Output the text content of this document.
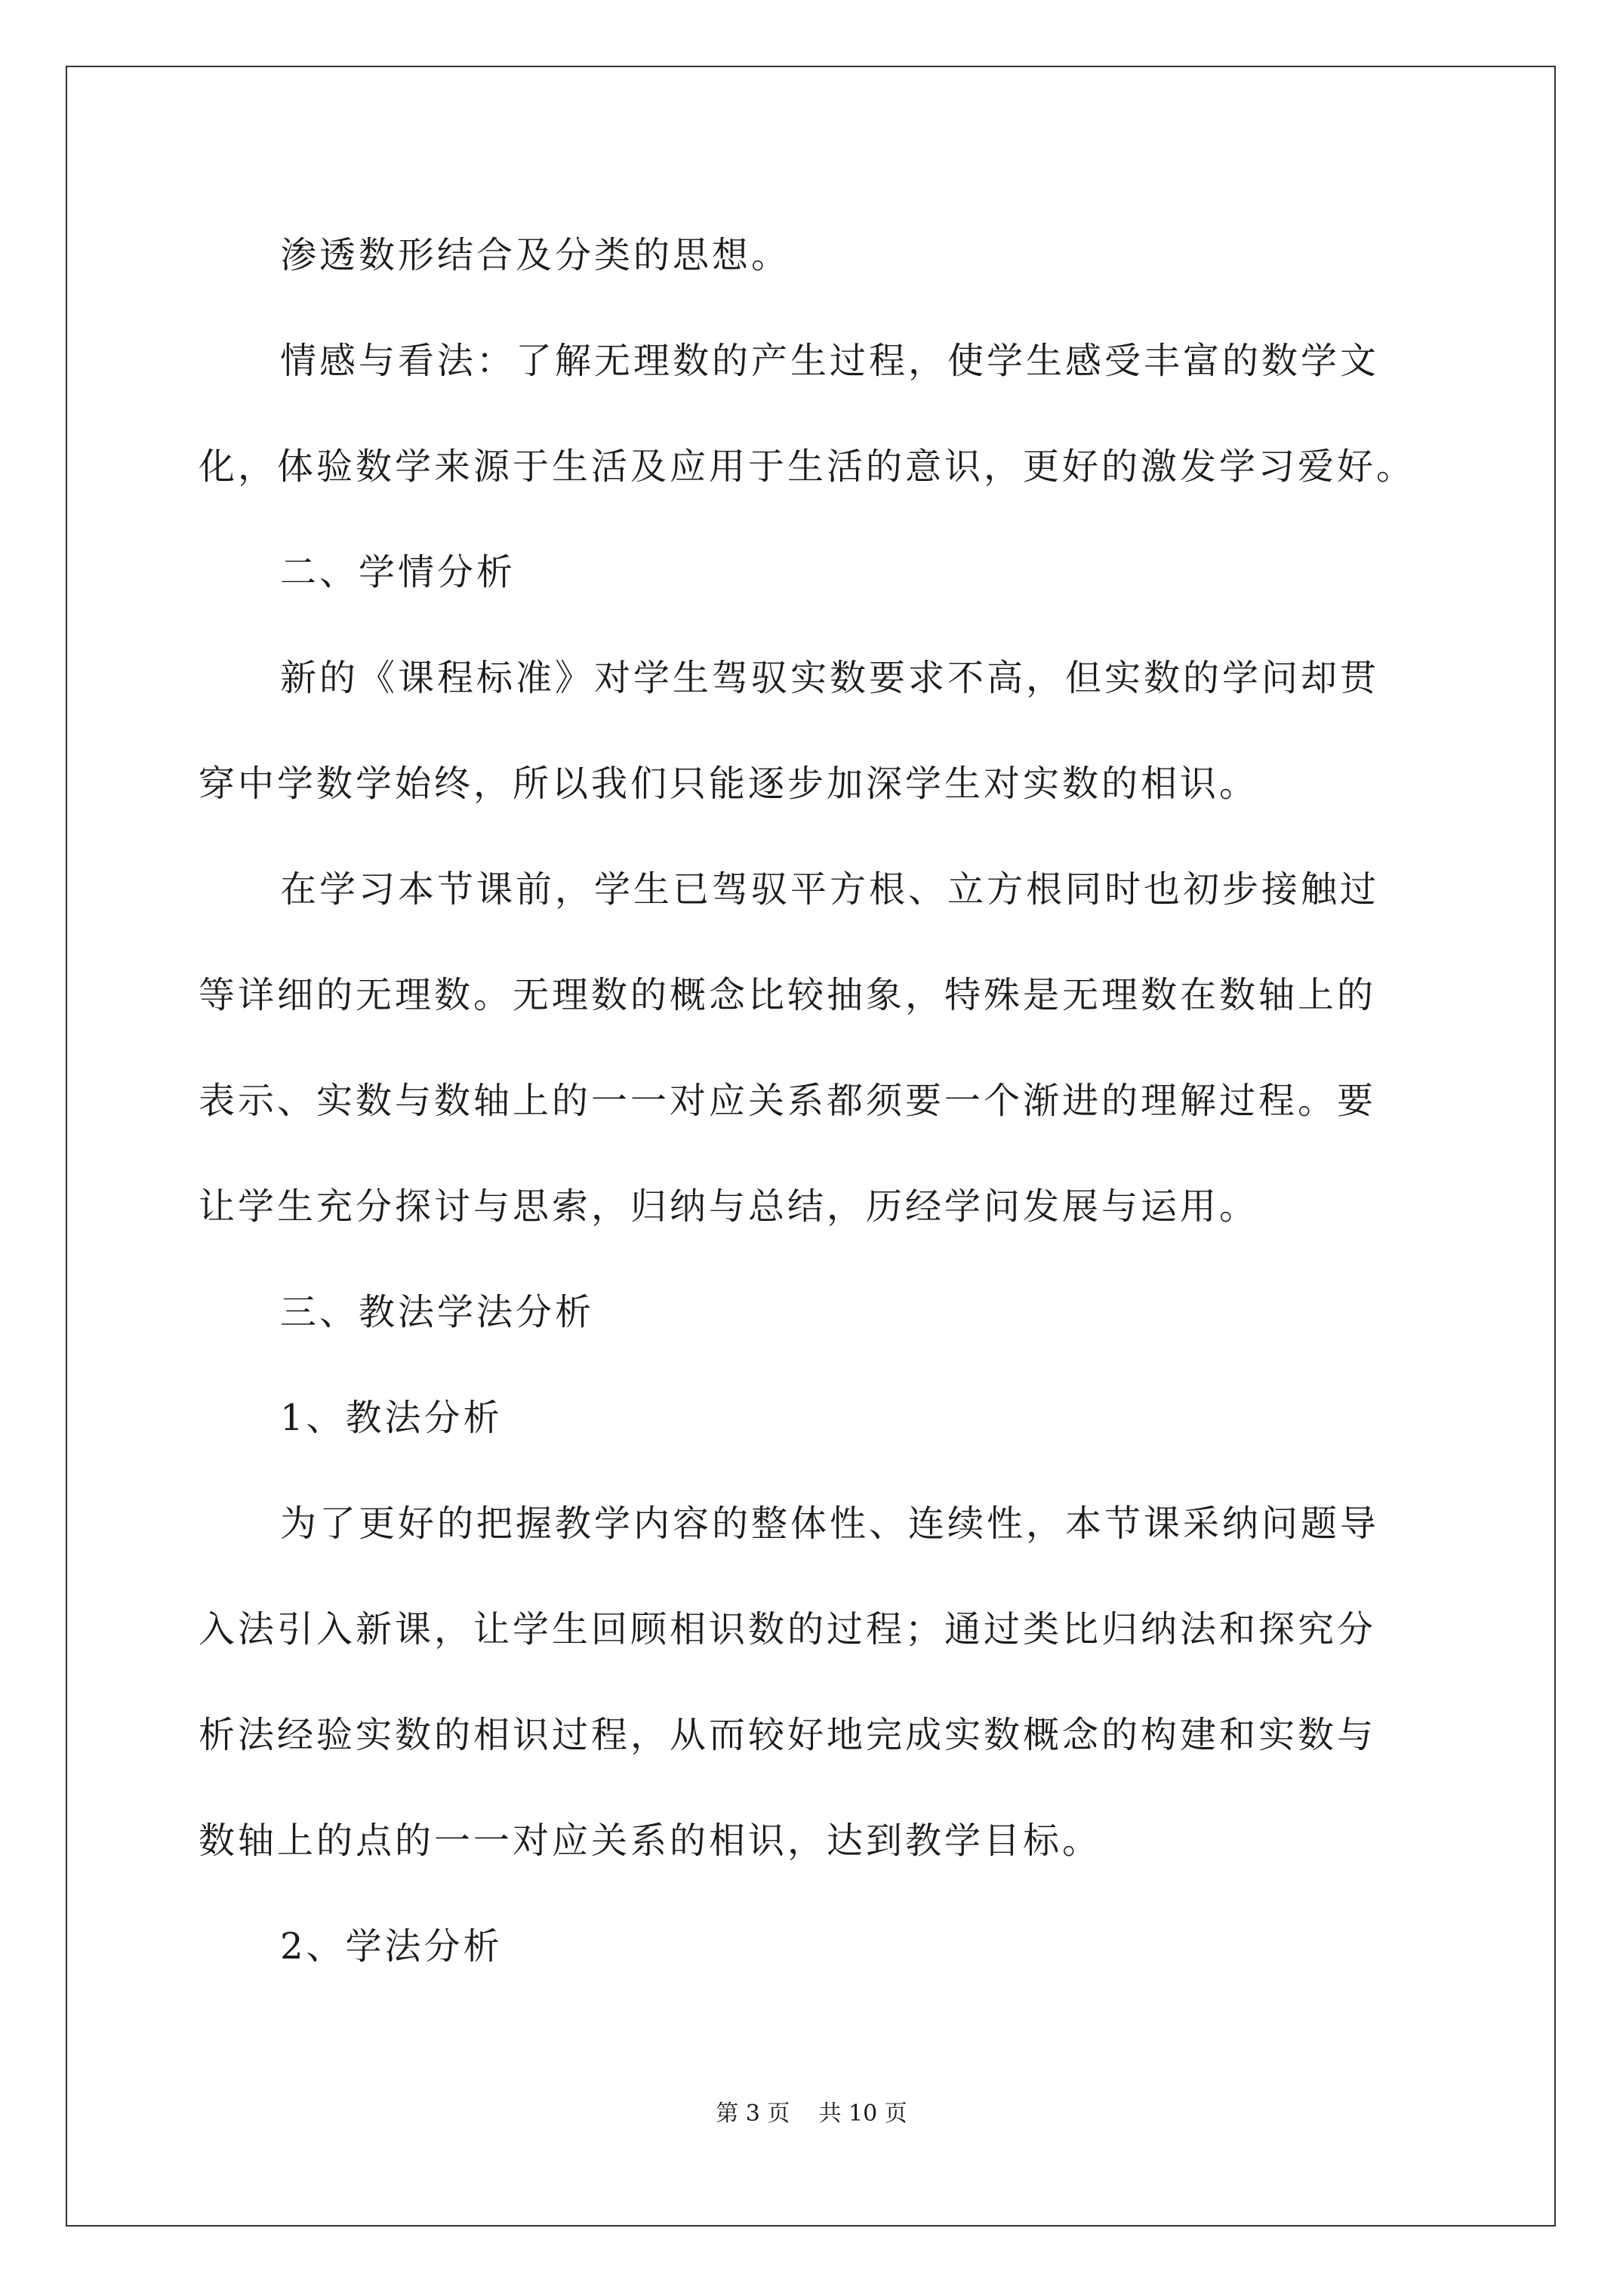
渗透数形结合及分类的思想。
情感与看法：了解无理数的产生过程，使学生感受丰富的数学文
化，体验数学来源于生活及应用于生活的意识，更好的激发学习爱好。
二、学情分析
新的《课程标准》对学生驾驭实数要求不高，但实数的学问却贯
穿中学数学始终，所以我们只能逐步加深学生对实数的相识。
在学习本节课前，学生已驾驭平方根、立方根同时也初步接触过
等详细的无理数。无理数的概念比较抽象，特殊是无理数在数轴上的
表示、实数与数轴上的一一对应关系都须要一个渐进的理解过程。要
让学生充分探讨与思索，归纳与总结，历经学问发展与运用。
三、教法学法分析
1、教法分析
为了更好的把握教学内容的整体性、连续性，本节课采纳问题导
入法引入新课，让学生回顾相识数的过程；通过类比归纳法和探究分
析法经验实数的相识过程，从而较好地完成实数概念的构建和实数与
数轴上的点的一一对应关系的相识，达到教学目标。
2、学法分析
第 3 页    共 10 页
